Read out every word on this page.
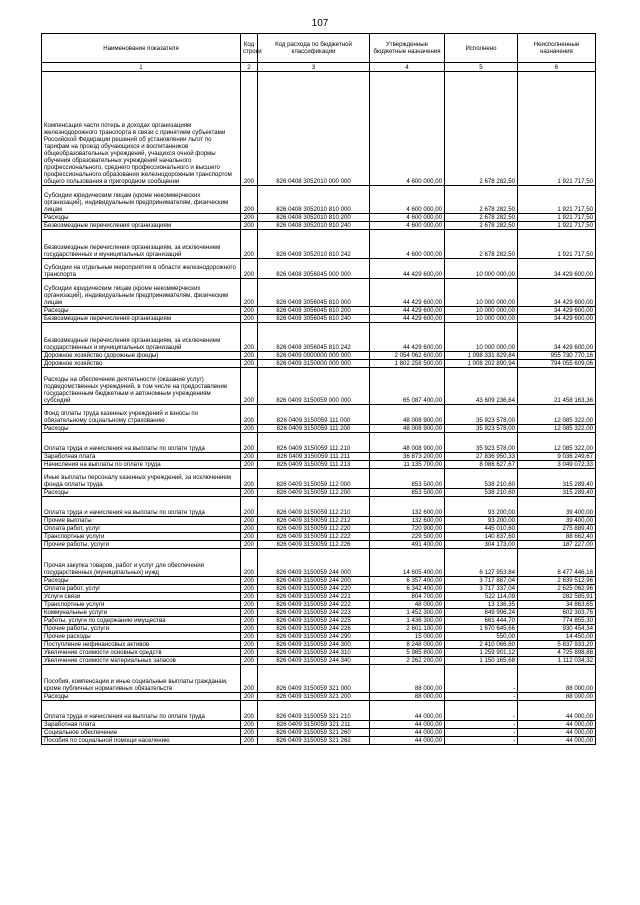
107
Наименование показателя	Код строки	Код расхода по бюджетной классификации	Утвержденные бюджетные назначения	Исполнено	Неисполненные назначения
1	2	3	4	5	6
Компенсация части потерь в доходах организациям железнодорожного транспорта в связи с принятием субъектами Российской Федерации решений об установлении льгот по тарифам на проезд обучающихся и воспитанников общеобразовательных учреждений, учащихся очной формы обучения образовательных учреждений начального профессионального, среднего профессионального и высшего профессионального образования железнодорожным транспортом общего пользования в пригородном сообщении	200	826 0408 3052010 000 000	4 600 000,00	2 678 282,50	1 921 717,50
Субсидии юридическим лицам (кроме некоммерческих организаций), индивидуальным предпринимателям, физическим лицам	200	826 0408 3052010 810 000	4 600 000,00	2 678 282,50	1 921 717,50
Расходы	200	826 0408 3052010 810 200	4 600 000,00	2 678 282,50	1 921 717,50
Безвозмездные перечисления организациям	200	826 0408 3052010 810 240	4 600 000,00	2 678 282,50	1 921 717,50
Безвозмездные перечисления организациям, за исключением государственных и муниципальных организаций	200	826 0408 3052010 810 242	4 600 000,00	2 678 282,50	1 921 717,50
Субсидии на отдельные мероприятия в области железнодорожного транспорта	200	826 0408 3056045 000 000	44 429 600,00	10 000 000,00	34 429 600,00
Субсидии юридическим лицам (кроме некоммерческих организаций), индивидуальным предпринимателям, физическим лицам	200	826 0408 3056045 810 000	44 429 600,00	10 000 000,00	34 429 600,00
Расходы	200	826 0408 3056045 810 200	44 429 600,00	10 000 000,00	34 429 600,00
Безвозмездные перечисления организациям	200	826 0408 3056045 810 240	44 429 600,00	10 000 000,00	34 429 600,00
Безвозмездные перечисления организациям, за исключением государственных и муниципальных организаций	200	826 0408 3056045 810 242	44 429 600,00	10 000 000,00	34 429 600,00
Дорожное хозяйство (дорожные фонды)	200	826 0409 0000000 000 000	2 054 062 600,00	1 098 331 829,84	955 730 770,16
Дорожное хозяйство	200	826 0409 3150000 000 000	1 802 258 500,00	1 008 202 890,94	794 055 609,06
Расходы на обеспечение деятельности (оказание услуг) подведомственных учреждений, в том числе на предоставление государственным бюджетным и автономным учреждениям субсидий	200	826 0409 3150059 000 000	65 087 400,00	43 609 236,64	21 458 163,36
Фонд оплаты труда казенных учреждений и взносы по обязательному социальному страхованию	200	826 0409 3150059 111 000	48 008 900,00	35 923 578,00	12 085 322,00
Расходы	200	826 0409 3150059 111 200	48 008 900,00	35 923 578,00	12 085 322,00
Оплата труда и начисления на выплаты по оплате труда	200	826 0409 3150059 111 210	48 008 900,00	35 923 578,00	12 085 322,00
Заработная плата	200	826 0409 3150059 111 211	36 873 200,00	27 836 950,33	9 036 249,67
Начисления на выплаты по оплате труда	200	826 0409 3150059 111 213	11 135 700,00	8 086 627,67	3 049 072,33
Иные выплаты персоналу казенных учреждений, за исключением фонда оплаты труда	200	826 0409 3150059 112 000	853 500,00	538 210,60	315 289,40
Расходы	200	826 0409 3150059 112 200	853 500,00	538 210,60	315 289,40
Оплата труда и начисления на выплаты по оплате труда	200	826 0409 3150059 112 210	132 600,00	93 200,00	39 400,00
Прочие выплаты	200	826 0409 3150059 112 212	132 600,00	93 200,00	39 400,00
Оплата работ, услуг	200	826 0409 3150059 112 220	720 900,00	445 010,60	275 889,40
Транспортные услуги	200	826 0409 3150059 112 222	229 500,00	140 837,60	88 662,40
Прочие работы, услуги	200	826 0409 3150059 112 226	491 400,00	304 173,00	187 227,00
Прочая закупка товаров, работ и услуг для обеспечения государственных (муниципальных) нужд	200	826 0409 3150059 244 000	14 605 400,00	6 127 953,84	8 477 446,16
Расходы	200	826 0409 3150059 244 200	6 357 400,00	3 717 887,04	2 639 512,96
Оплата работ, услуг	200	826 0409 3150059 244 220	6 342 400,00	3 717 337,04	2 625 062,96
Услуги связи	200	826 0409 3150059 244 221	804 700,00	522 114,09	282 585,91
Транспортные услуги	200	826 0409 3150059 244 222	48 000,00	13 136,35	34 863,65
Коммунальные услуги	200	826 0409 3150059 244 223	1 452 300,00	849 996,24	602 303,76
Работы, услуги по содержанию имущества	200	826 0409 3150059 244 225	1 436 300,00	661 444,70	774 855,30
Прочие работы, услуги	200	826 0409 3150059 244 226	2 601 100,00	1 670 645,66	930 454,34
Прочие расходы	200	826 0409 3150059 244 290	15 000,00	550,00	14 450,00
Поступление нефинансовых активов	200	826 0409 3150059 244 300	8 248 000,00	2 410 066,80	5 837 933,20
Увеличение стоимости основных средств	200	826 0409 3150059 244 310	5 985 800,00	1 259 901,12	4 725 898,88
Увеличение стоимости материальных запасов	200	826 0409 3150059 244 340	2 262 200,00	1 150 165,68	1 112 034,32
Пособия, компенсации и иные социальные выплаты гражданам, кроме публичных нормативных обязательств	200	826 0409 3150059 321 000	88 000,00	-	88 000,00
Расходы	200	826 0409 3150059 321 200	88 000,00	-	88 000,00
Оплата труда и начисления на выплаты по оплате труда	200	826 0409 3150059 321 210	44 000,00	-	44 000,00
Заработная плата	200	826 0409 3150059 321 211	44 000,00	-	44 000,00
Социальное обеспечение	200	826 0409 3150059 321 260	44 000,00	-	44 000,00
Пособия по социальной помощи населению	200	826 0409 3150059 321 262	44 000,00	-	44 000,00
